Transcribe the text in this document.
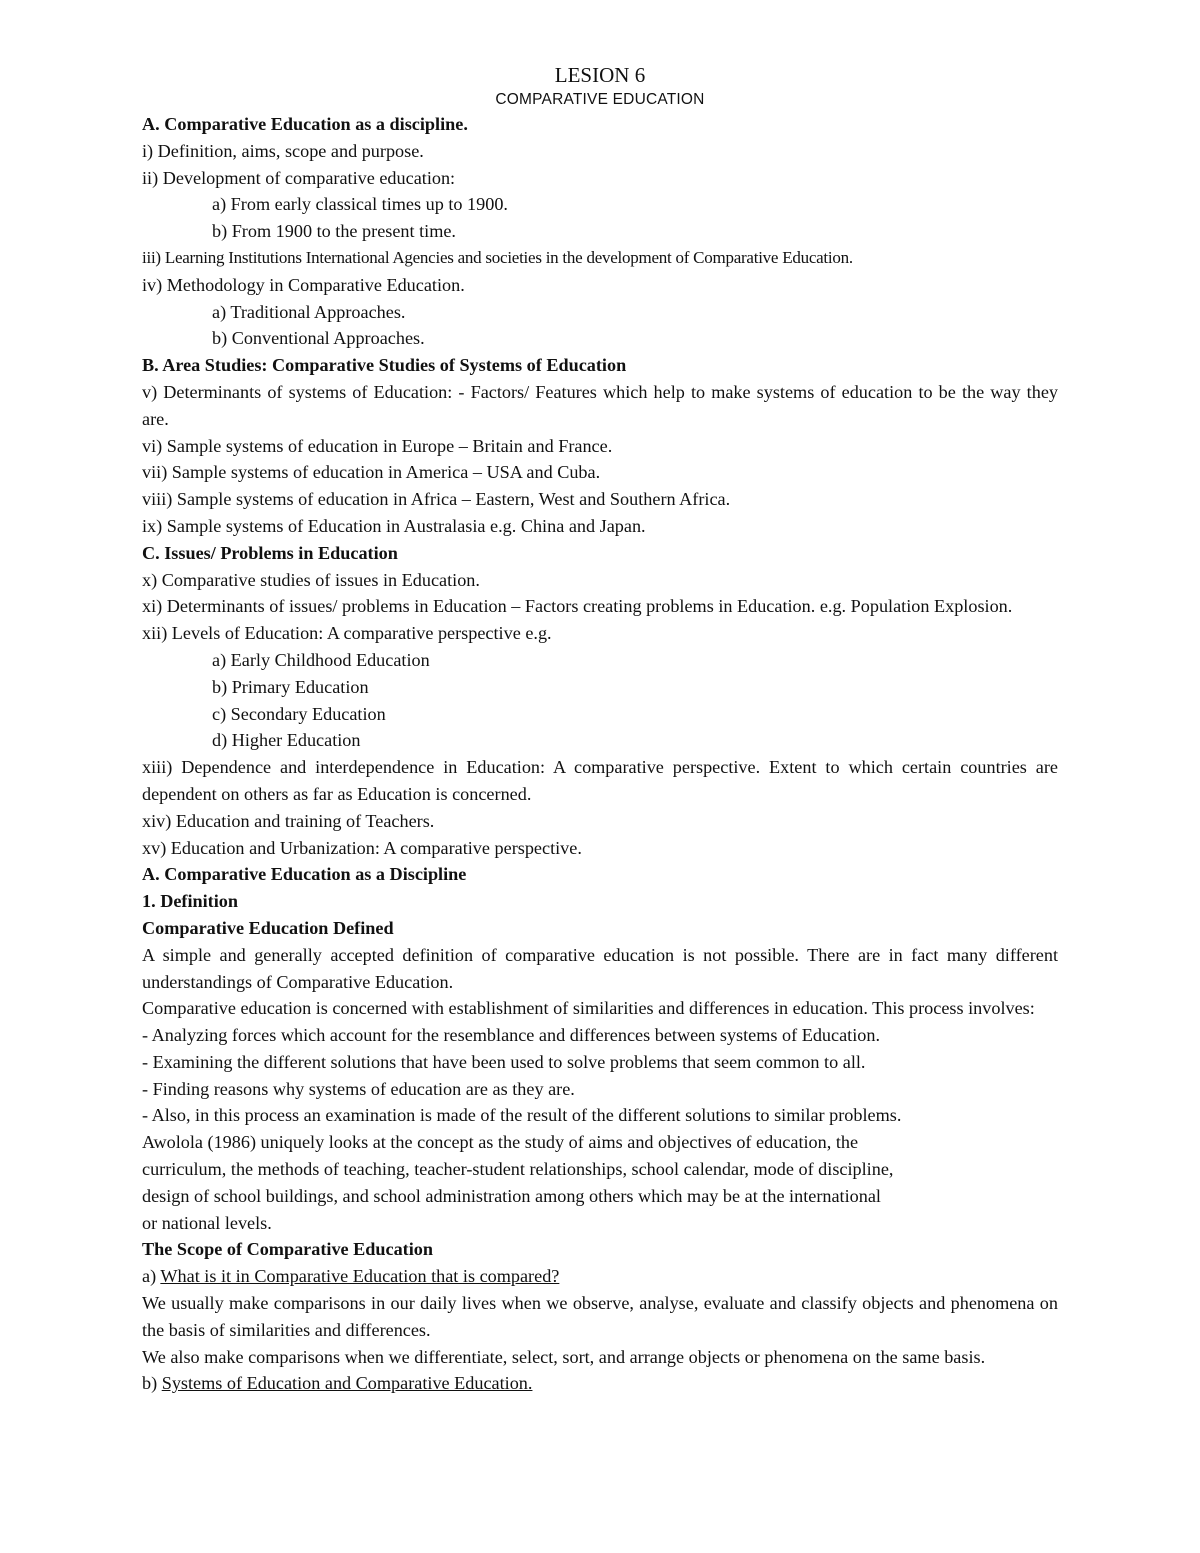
LESION 6
COMPARATIVE EDUCATION
A. Comparative Education as a discipline.
i) Definition, aims, scope and purpose.
ii) Development of comparative education:
a) From early classical times up to 1900.
b) From 1900 to the present time.
iii) Learning Institutions International Agencies and societies in the development of Comparative Education.
iv) Methodology in Comparative Education.
a) Traditional Approaches.
b) Conventional Approaches.
B. Area Studies: Comparative Studies of Systems of Education
v) Determinants of systems of Education: - Factors/ Features which help to make systems of education to be the way they are.
vi) Sample systems of education in Europe – Britain and France.
vii) Sample systems of education in America – USA and Cuba.
viii) Sample systems of education in Africa – Eastern, West and Southern Africa.
ix) Sample systems of Education in Australasia e.g. China and Japan.
C. Issues/ Problems in Education
x) Comparative studies of issues in Education.
xi) Determinants of issues/ problems in Education – Factors creating problems in Education. e.g. Population Explosion.
xii) Levels of Education: A comparative perspective e.g.
a) Early Childhood Education
b) Primary Education
c) Secondary Education
d) Higher Education
xiii) Dependence and interdependence in Education: A comparative perspective. Extent to which certain countries are dependent on others as far as Education is concerned.
xiv) Education and training of Teachers.
xv) Education and Urbanization: A comparative perspective.
A. Comparative Education as a Discipline
1. Definition
Comparative Education Defined
A simple and generally accepted definition of comparative education is not possible. There are in fact many different understandings of Comparative Education.
Comparative education is concerned with establishment of similarities and differences in education. This process involves:
- Analyzing forces which account for the resemblance and differences between systems of Education.
- Examining the different solutions that have been used to solve problems that seem common to all.
- Finding reasons why systems of education are as they are.
- Also, in this process an examination is made of the result of the different solutions to similar problems.
Awolola (1986) uniquely looks at the concept as the study of aims and objectives of education, the
curriculum, the methods of teaching, teacher-student relationships, school calendar, mode of discipline,
design of school buildings, and school administration among others which may be at the international
or national levels.
The Scope of Comparative Education
a) What is it in Comparative Education that is compared?
We usually make comparisons in our daily lives when we observe, analyse, evaluate and classify objects and phenomena on the basis of similarities and differences.
We also make comparisons when we differentiate, select, sort, and arrange objects or phenomena on the same basis.
b) Systems of Education and Comparative Education.
